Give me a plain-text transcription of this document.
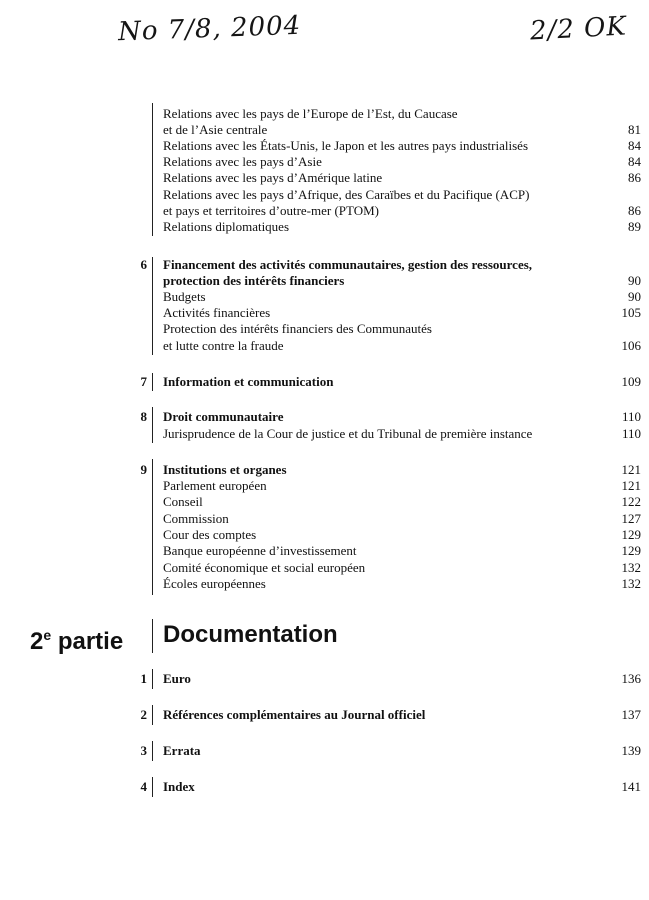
No 7/8, 2004	2/2 OK
Relations avec les pays de l’Europe de l’Est, du Caucase
et de l’Asie centrale	81
Relations avec les États-Unis, le Japon et les autres pays industrialisés	84
Relations avec les pays d’Asie	84
Relations avec les pays d’Amérique latine	86
Relations avec les pays d’Afrique, des Caraïbes et du Pacifique (ACP)
et pays et territoires d’outre-mer (PTOM)	86
Relations diplomatiques	89
6 Financement des activités communautaires, gestion des ressources,
protection des intérêts financiers	90
Budgets	90
Activités financières	105
Protection des intérêts financiers des Communautés
et lutte contre la fraude	106
7 Information et communication	109
8 Droit communautaire	110
Jurisprudence de la Cour de justice et du Tribunal de première instance	110
9 Institutions et organes	121
Parlement européen	121
Conseil	122
Commission	127
Cour des comptes	129
Banque européenne d’investissement	129
Comité économique et social européen	132
Écoles européennes	132
2e partie Documentation
1 Euro	136
2 Références complémentaires au Journal officiel	137
3 Errata	139
4 Index	141
